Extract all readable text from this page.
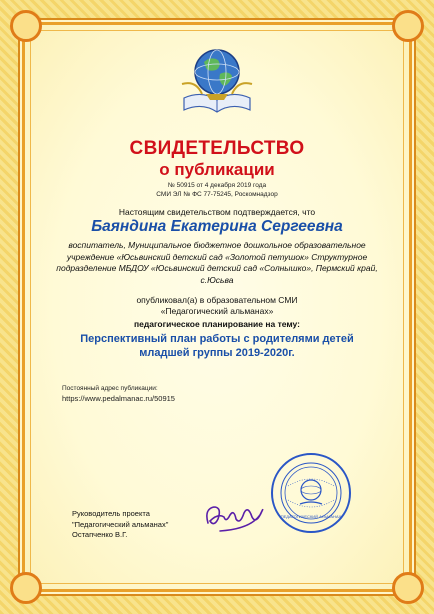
СВИДЕТЕЛЬСТВО
о публикации
№ 50915 от 4 декабря 2019 года
СМИ ЭЛ № ФС 77-75245, Роскомнадзор
Настоящим свидетельством подтверждается, что
Баяндина Екатерина Сергеевна
воспитатель, Муниципальное бюджетное дошкольное образовательное учреждение «Юсьвинский детский сад «Золотой петушок» Структурное подразделение МБДОУ «Юсьвинский детский сад «Солнышко», Пермский край, с.Юсьва
опубликовал(а) в образовательном СМИ
«Педагогический альманах»
педагогическое планирование на тему:
Перспективный план работы с родителями детей младшей группы 2019-2020г.
Постоянный адрес публикации:
https://www.pedalmanac.ru/50915
ПЕДАГОГИЧЕСКИЙ АЛЬМАНАХ
Руководитель проекта
"Педагогический альманах"
Остапченко В.Г.
